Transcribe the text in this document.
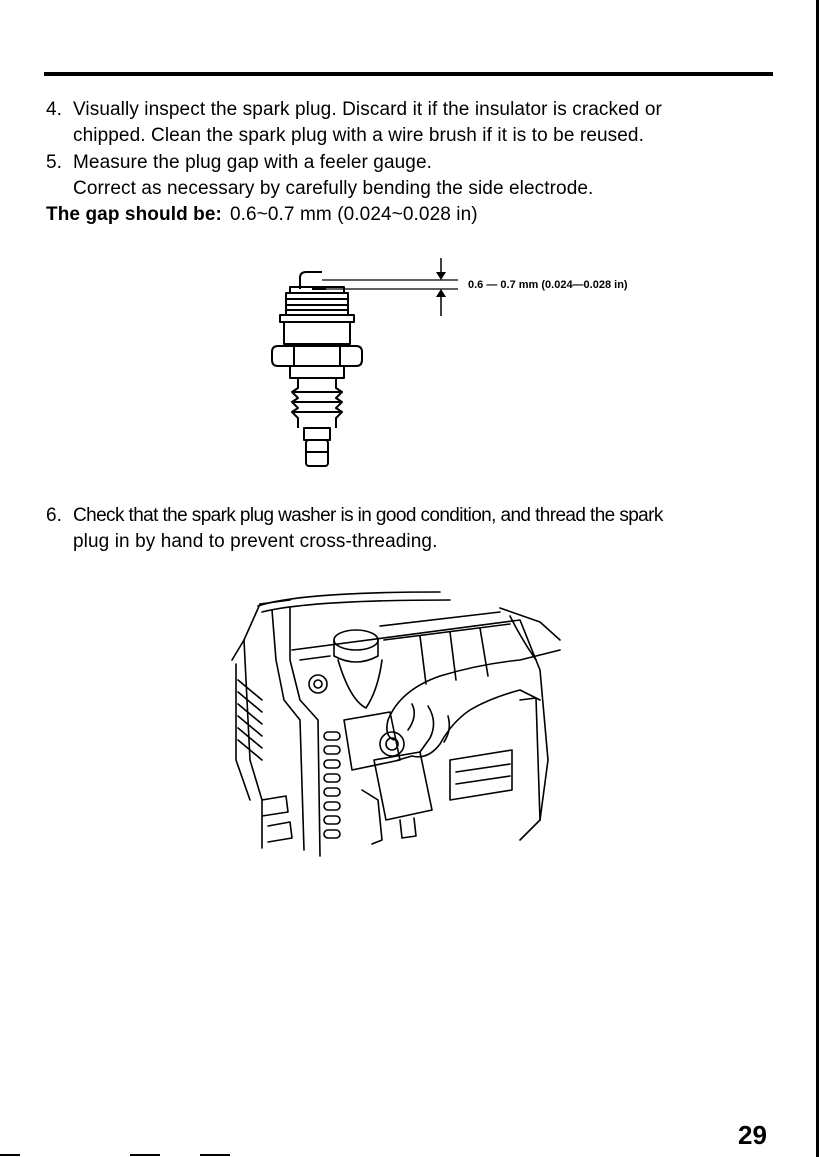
4. Visually inspect the spark plug. Discard it if the insulator is cracked or
chipped. Clean the spark plug with a wire brush if it is to be reused.
5. Measure the plug gap with a feeler gauge.
Correct as necessary by carefully bending the side electrode.
The gap should be: 0.6~0.7 mm (0.024~0.028 in)
0.6 — 0.7 mm (0.024—0.028 in)
6. Check that the spark plug washer is in good condition, and thread the spark
plug in by hand to prevent cross-threading.
29
